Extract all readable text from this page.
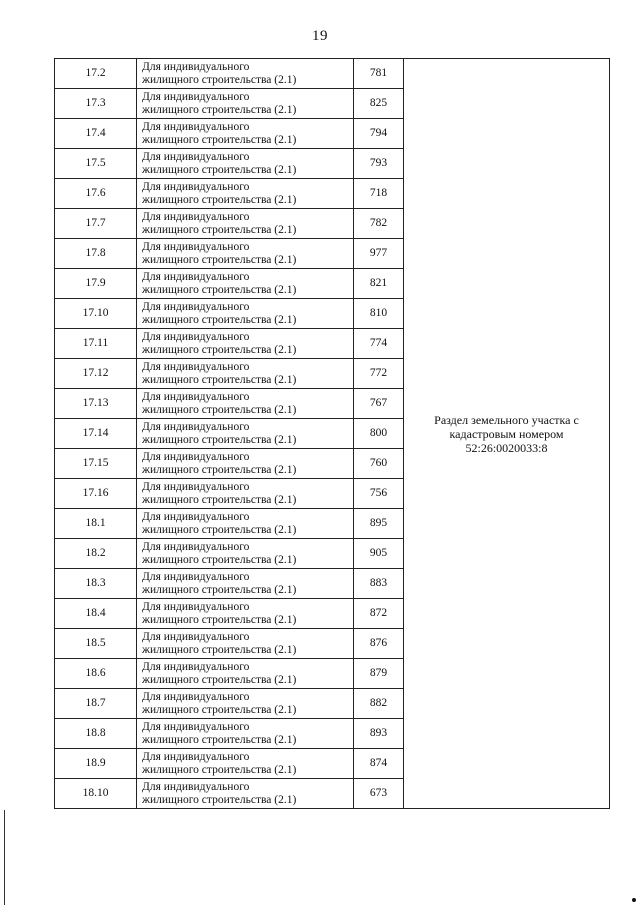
19
17.2	Для индивидуального
жилищного строительства (2.1)	781	Раздел земельного участка с кадастровым номером 52:26:0020033:8
17.3	Для индивидуального
жилищного строительства (2.1)	825	
17.4	Для индивидуального
жилищного строительства (2.1)	794	
17.5	Для индивидуального
жилищного строительства (2.1)	793	
17.6	Для индивидуального
жилищного строительства (2.1)	718	
17.7	Для индивидуального
жилищного строительства (2.1)	782	
17.8	Для индивидуального
жилищного строительства (2.1)	977	
17.9	Для индивидуального
жилищного строительства (2.1)	821	
17.10	Для индивидуального
жилищного строительства (2.1)	810	
17.11	Для индивидуального
жилищного строительства (2.1)	774	
17.12	Для индивидуального
жилищного строительства (2.1)	772	
17.13	Для индивидуального
жилищного строительства (2.1)	767	
17.14	Для индивидуального
жилищного строительства (2.1)	800	
17.15	Для индивидуального
жилищного строительства (2.1)	760	
17.16	Для индивидуального
жилищного строительства (2.1)	756	
18.1	Для индивидуального
жилищного строительства (2.1)	895	
18.2	Для индивидуального
жилищного строительства (2.1)	905	
18.3	Для индивидуального
жилищного строительства (2.1)	883	
18.4	Для индивидуального
жилищного строительства (2.1)	872	
18.5	Для индивидуального
жилищного строительства (2.1)	876	
18.6	Для индивидуального
жилищного строительства (2.1)	879	
18.7	Для индивидуального
жилищного строительства (2.1)	882	
18.8	Для индивидуального
жилищного строительства (2.1)	893	
18.9	Для индивидуального
жилищного строительства (2.1)	874	
18.10	Для индивидуального
жилищного строительства (2.1)	673	
